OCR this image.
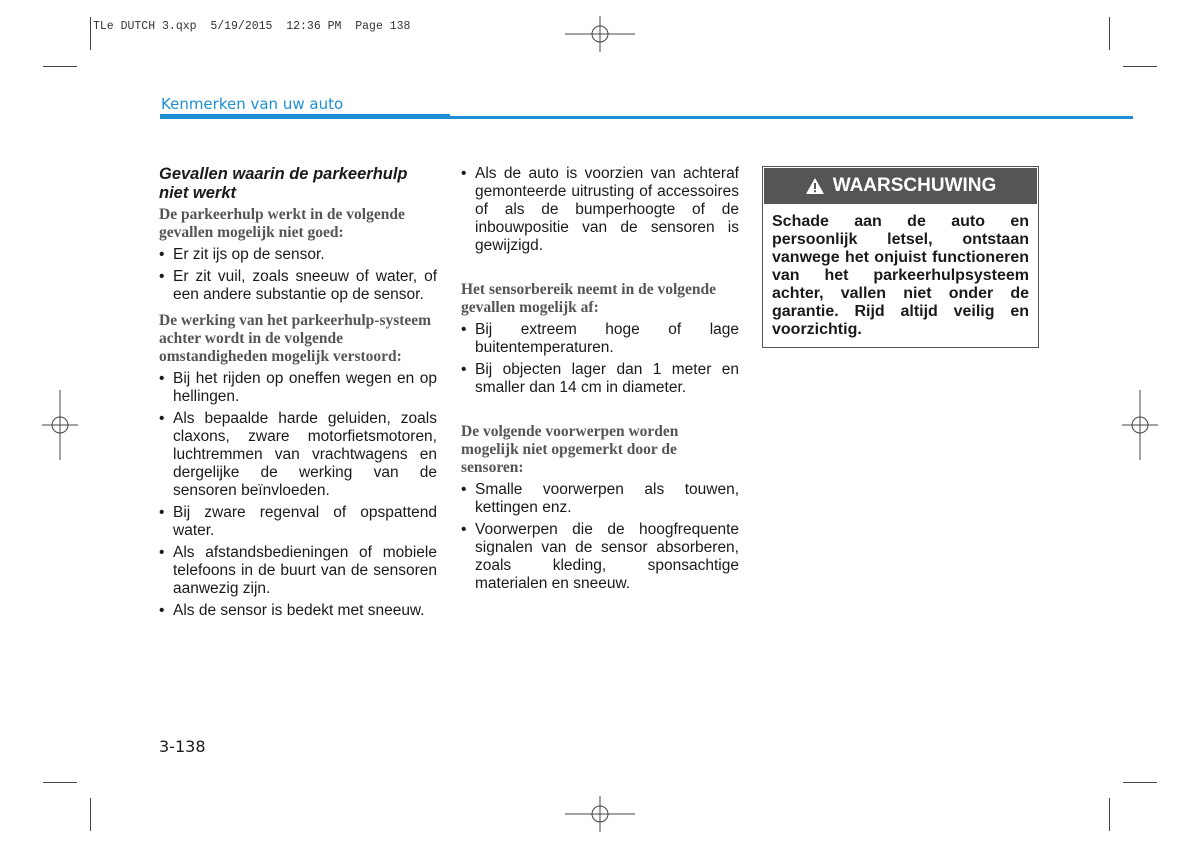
TLe DUTCH 3.qxp  5/19/2015  12:36 PM  Page 138
Kenmerken van uw auto
Gevallen waarin de parkeerhulp niet werkt
De parkeerhulp werkt in de volgende gevallen mogelijk niet goed:
• Er zit ijs op de sensor.
• Er zit vuil, zoals sneeuw of water, of een andere substantie op de sensor.
De werking van het parkeerhulp-systeem achter wordt in de volgende omstandigheden mogelijk verstoord:
• Bij het rijden op oneffen wegen en op hellingen.
• Als bepaalde harde geluiden, zoals claxons, zware motorfietsmotoren, luchtremmen van vrachtwagens en dergelijke de werking van de sensoren beïnvloeden.
• Bij zware regenval of opspattend water.
• Als afstandsbedieningen of mobiele telefoons in de buurt van de sensoren aanwezig zijn.
• Als de sensor is bedekt met sneeuw.
• Als de auto is voorzien van achteraf gemonteerde uitrusting of accessoires of als de bumperhoogte of de inbouwpositie van de sensoren is gewijzigd.
Het sensorbereik neemt in de volgende gevallen mogelijk af:
• Bij extreem hoge of lage buitentemperaturen.
• Bij objecten lager dan 1 meter en smaller dan 14 cm in diameter.
De volgende voorwerpen worden mogelijk niet opgemerkt door de sensoren:
• Smalle voorwerpen als touwen, kettingen enz.
• Voorwerpen die de hoogfrequente signalen van de sensor absorberen, zoals kleding, sponsachtige materialen en sneeuw.
WAARSCHUWING
Schade aan de auto en persoonlijk letsel, ontstaan vanwege het onjuist functioneren van het parkeerhulpsysteem achter, vallen niet onder de garantie. Rijd altijd veilig en voorzichtig.
3-138
